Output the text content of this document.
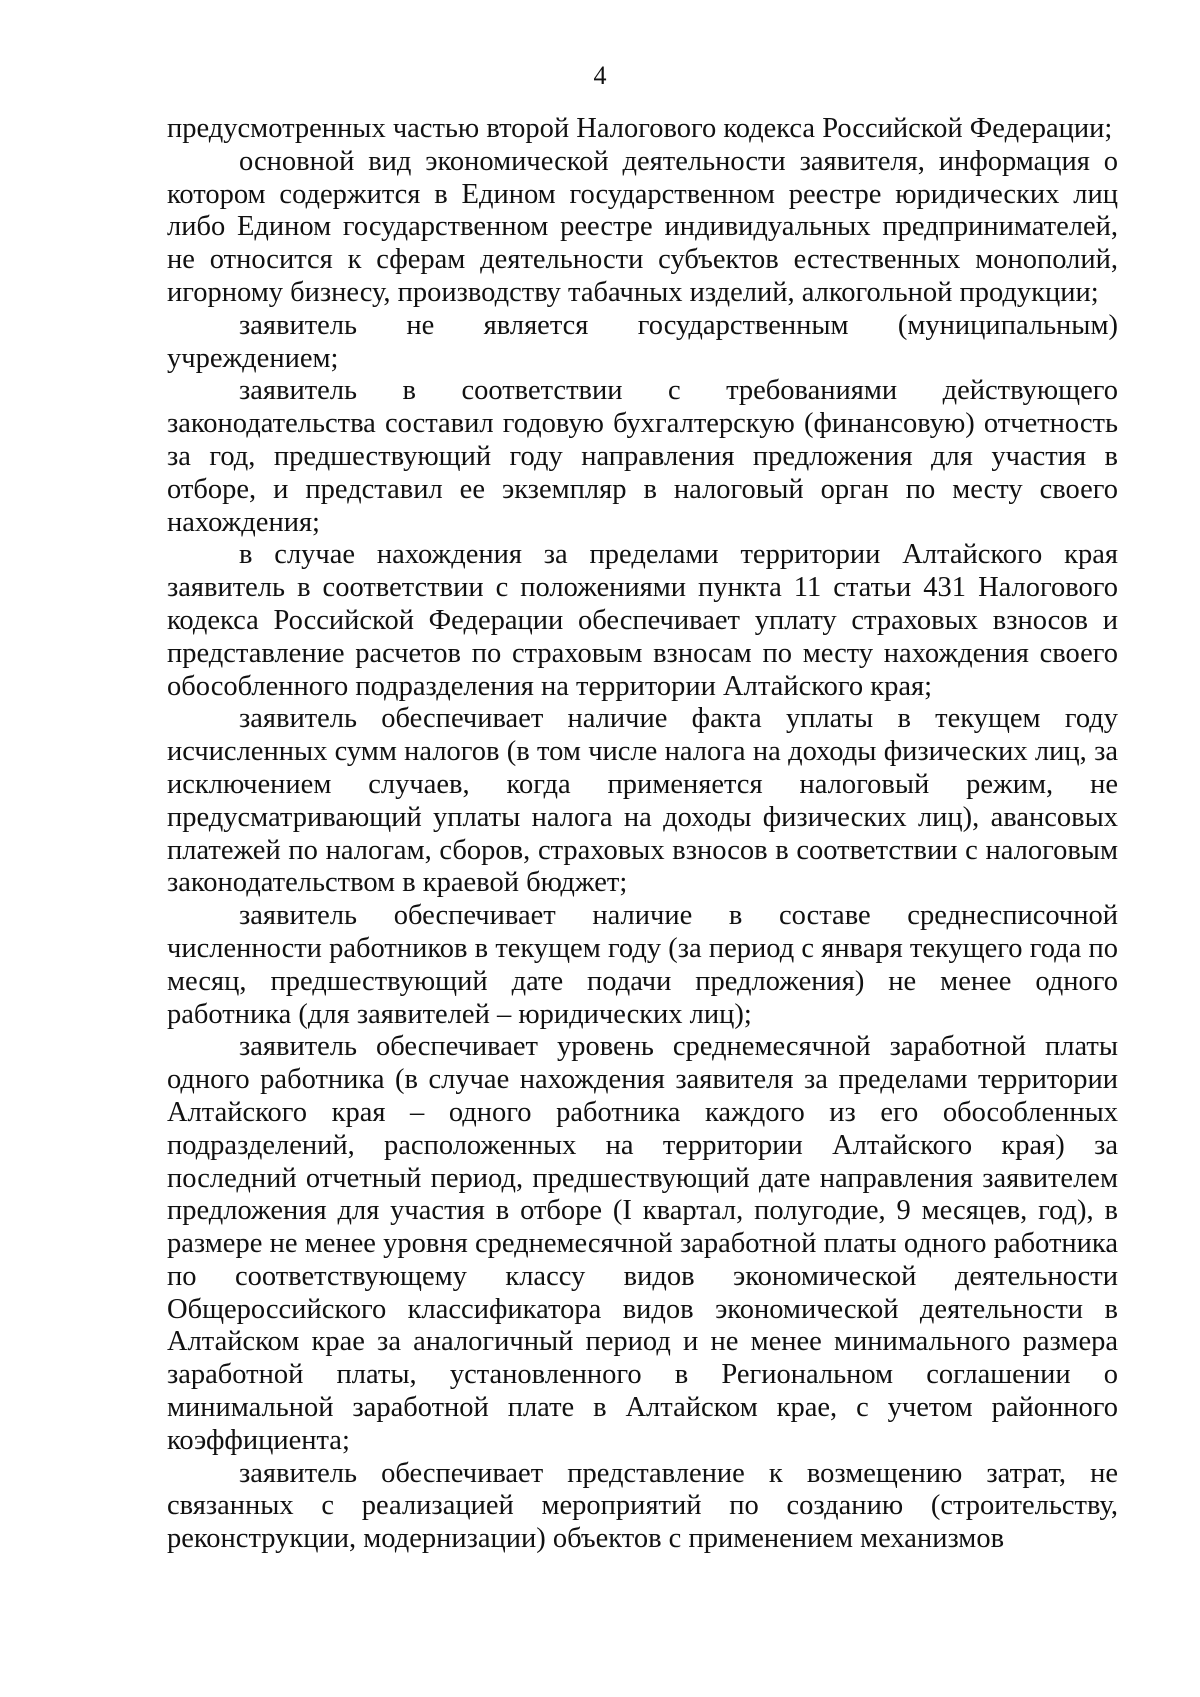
4

предусмотренных частью второй Налогового кодекса Российской Федерации;

основной вид экономической деятельности заявителя, информация о котором содержится в Едином государственном реестре юридических лиц либо Едином государственном реестре индивидуальных предпринимателей, не относится к сферам деятельности субъектов естественных монополий, игорному бизнесу, производству табачных изделий, алкогольной продукции;

заявитель не является государственным (муниципальным) учреждением;

заявитель в соответствии с требованиями действующего законодательства составил годовую бухгалтерскую (финансовую) отчетность за год, предшествующий году направления предложения для участия в отборе, и представил ее экземпляр в налоговый орган по месту своего нахождения;

в случае нахождения за пределами территории Алтайского края заявитель в соответствии с положениями пункта 11 статьи 431 Налогового кодекса Российской Федерации обеспечивает уплату страховых взносов и представление расчетов по страховым взносам по месту нахождения своего обособленного подразделения на территории Алтайского края;

заявитель обеспечивает наличие факта уплаты в текущем году исчисленных сумм налогов (в том числе налога на доходы физических лиц, за исключением случаев, когда применяется налоговый режим, не предусматривающий уплаты налога на доходы физических лиц), авансовых платежей по налогам, сборов, страховых взносов в соответствии с налоговым законодательством в краевой бюджет;

заявитель обеспечивает наличие в составе среднесписочной численности работников в текущем году (за период с января текущего года по месяц, предшествующий дате подачи предложения) не менее одного работника (для заявителей – юридических лиц);

заявитель обеспечивает уровень среднемесячной заработной платы одного работника (в случае нахождения заявителя за пределами территории Алтайского края – одного работника каждого из его обособленных подразделений, расположенных на территории Алтайского края) за последний отчетный период, предшествующий дате направления заявителем предложения для участия в отборе (I квартал, полугодие, 9 месяцев, год), в размере не менее уровня среднемесячной заработной платы одного работника по соответствующему классу видов экономической деятельности Общероссийского классификатора видов экономической деятельности в Алтайском крае за аналогичный период и не менее минимального размера заработной платы, установленного в Региональном соглашении о минимальной заработной плате в Алтайском крае, с учетом районного коэффициента;

заявитель обеспечивает представление к возмещению затрат, не связанных с реализацией мероприятий по созданию (строительству, реконструкции, модернизации) объектов с применением механизмов
